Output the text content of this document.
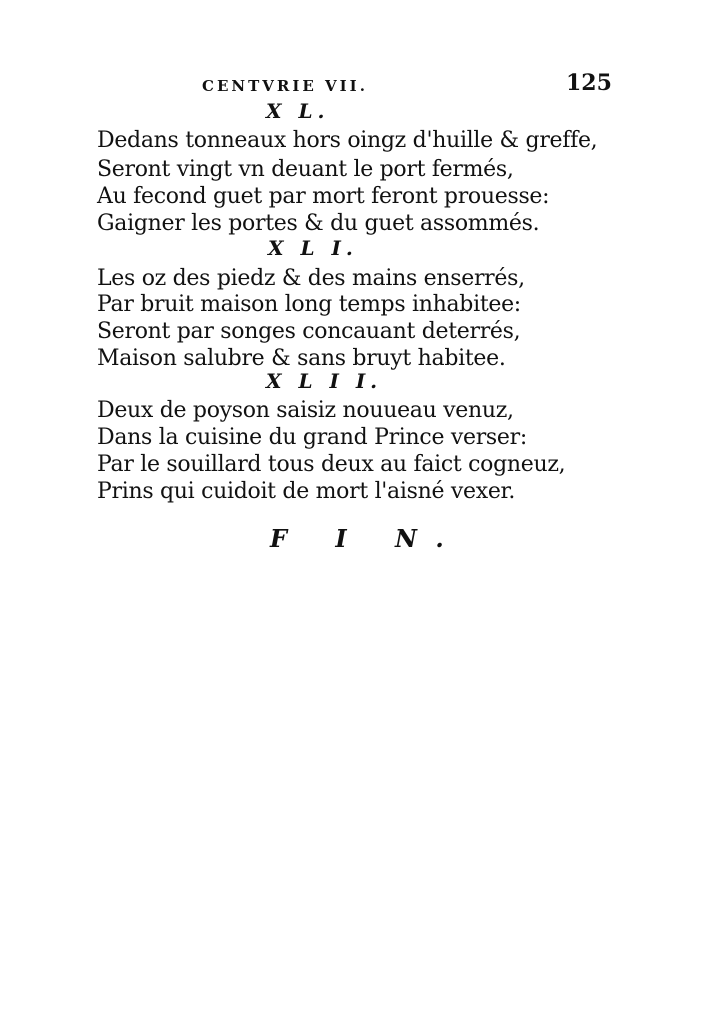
CENTVRIE VII.	125
X L.
Dedans tonneaux hors oingz d'huille & greffe,
Seront vingt vn deuant le port fermés,
Au fecond guet par mort feront prouesse:
Gaigner les portes & du guet assommés.
X L I.
Les oz des piedz & des mains enserrés,
Par bruit maison long temps inhabitee:
Seront par songes concauant deterrés,
Maison salubre & sans bruyt habitee.
X L I I.
Deux de poyson saisiz nouueau venuz,
Dans la cuisine du grand Prince verser:
Par le souillard tous deux au faict cogneuz,
Prins qui cuidoit de mort l'aisné vexer.
F I N.
